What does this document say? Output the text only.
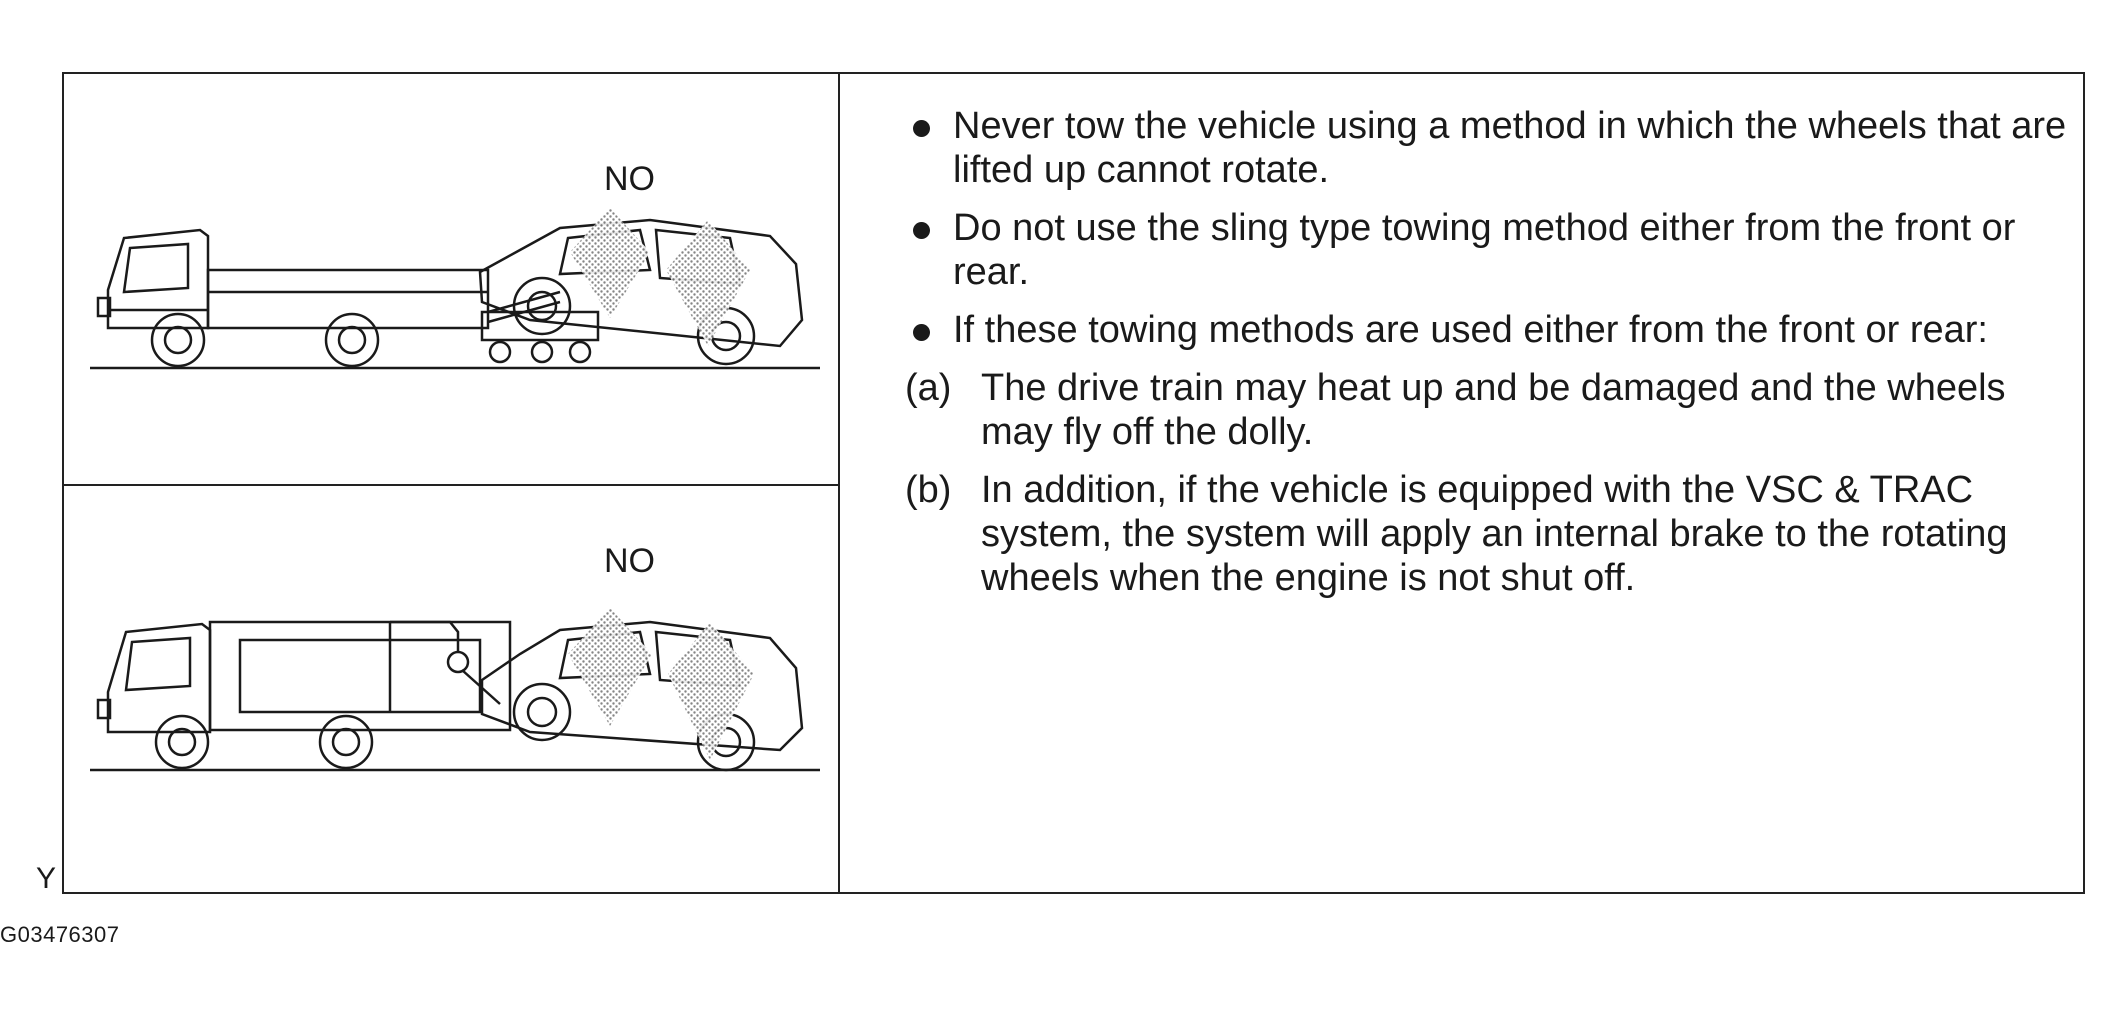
NO
NO
Never tow the vehicle using a method in which the wheels that are lifted up cannot rotate.
Do not use the sling type towing method either from the front or rear.
If these towing methods are used either from the front or rear:
(a) The drive train may heat up and be damaged and the wheels may fly off the dolly.
(b) In addition, if the vehicle is equipped with the VSC & TRAC system, the system will apply an internal brake to the rotating wheels when the engine is not shut off.
Y
G03476307
